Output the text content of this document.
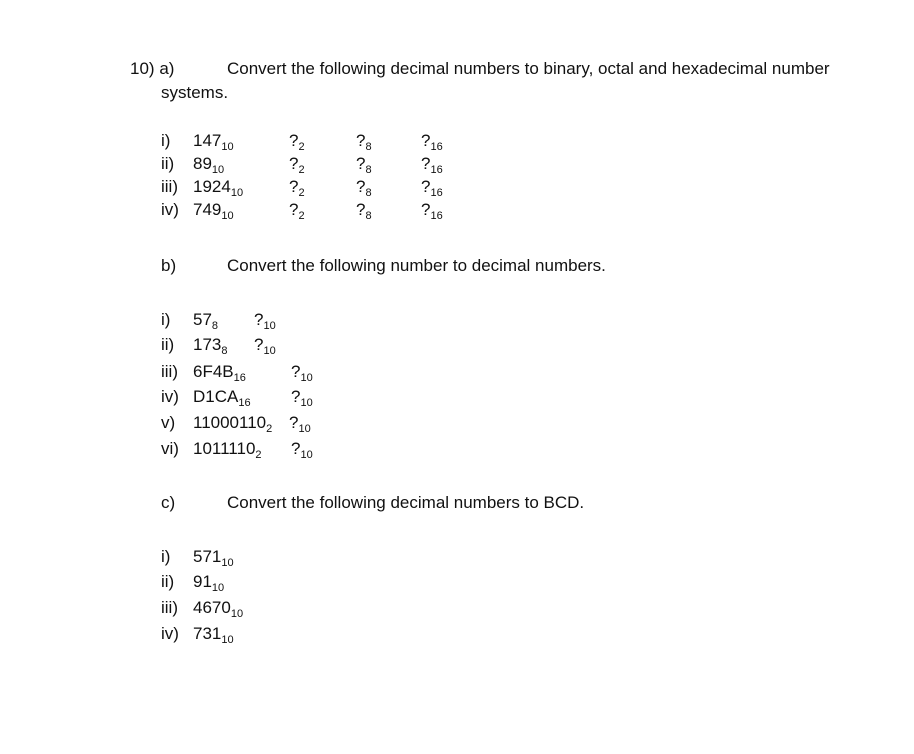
10) a)	Convert the following decimal numbers to binary, octal and hexadecimal number
systems.
i) $147_{10}$	$?_2$	$?_8$	$?_{16}$
ii) $89_{10}$	$?_2$	$?_8$	$?_{16}$
iii) $1924_{10}$	$?_2$	$?_8$	$?_{16}$
iv) $749_{10}$	$?_2$	$?_8$	$?_{16}$
b)	Convert the following number to decimal numbers.
i) $57_8$ $?_{10}$
ii) $173_8$ $?_{10}$
iii) $6F4B_{16}$	$?_{10}$
iv) $D1CA_{16}$ $?_{10}$
v) $11000110_2$ $?_{10}$
vi) $1011110_2$ $?_{10}$
c)	Convert the following decimal numbers to BCD.
i) $571_{10}$
ii) $91_{10}$
iii) $4670_{10}$
iv) $731_{10}$
